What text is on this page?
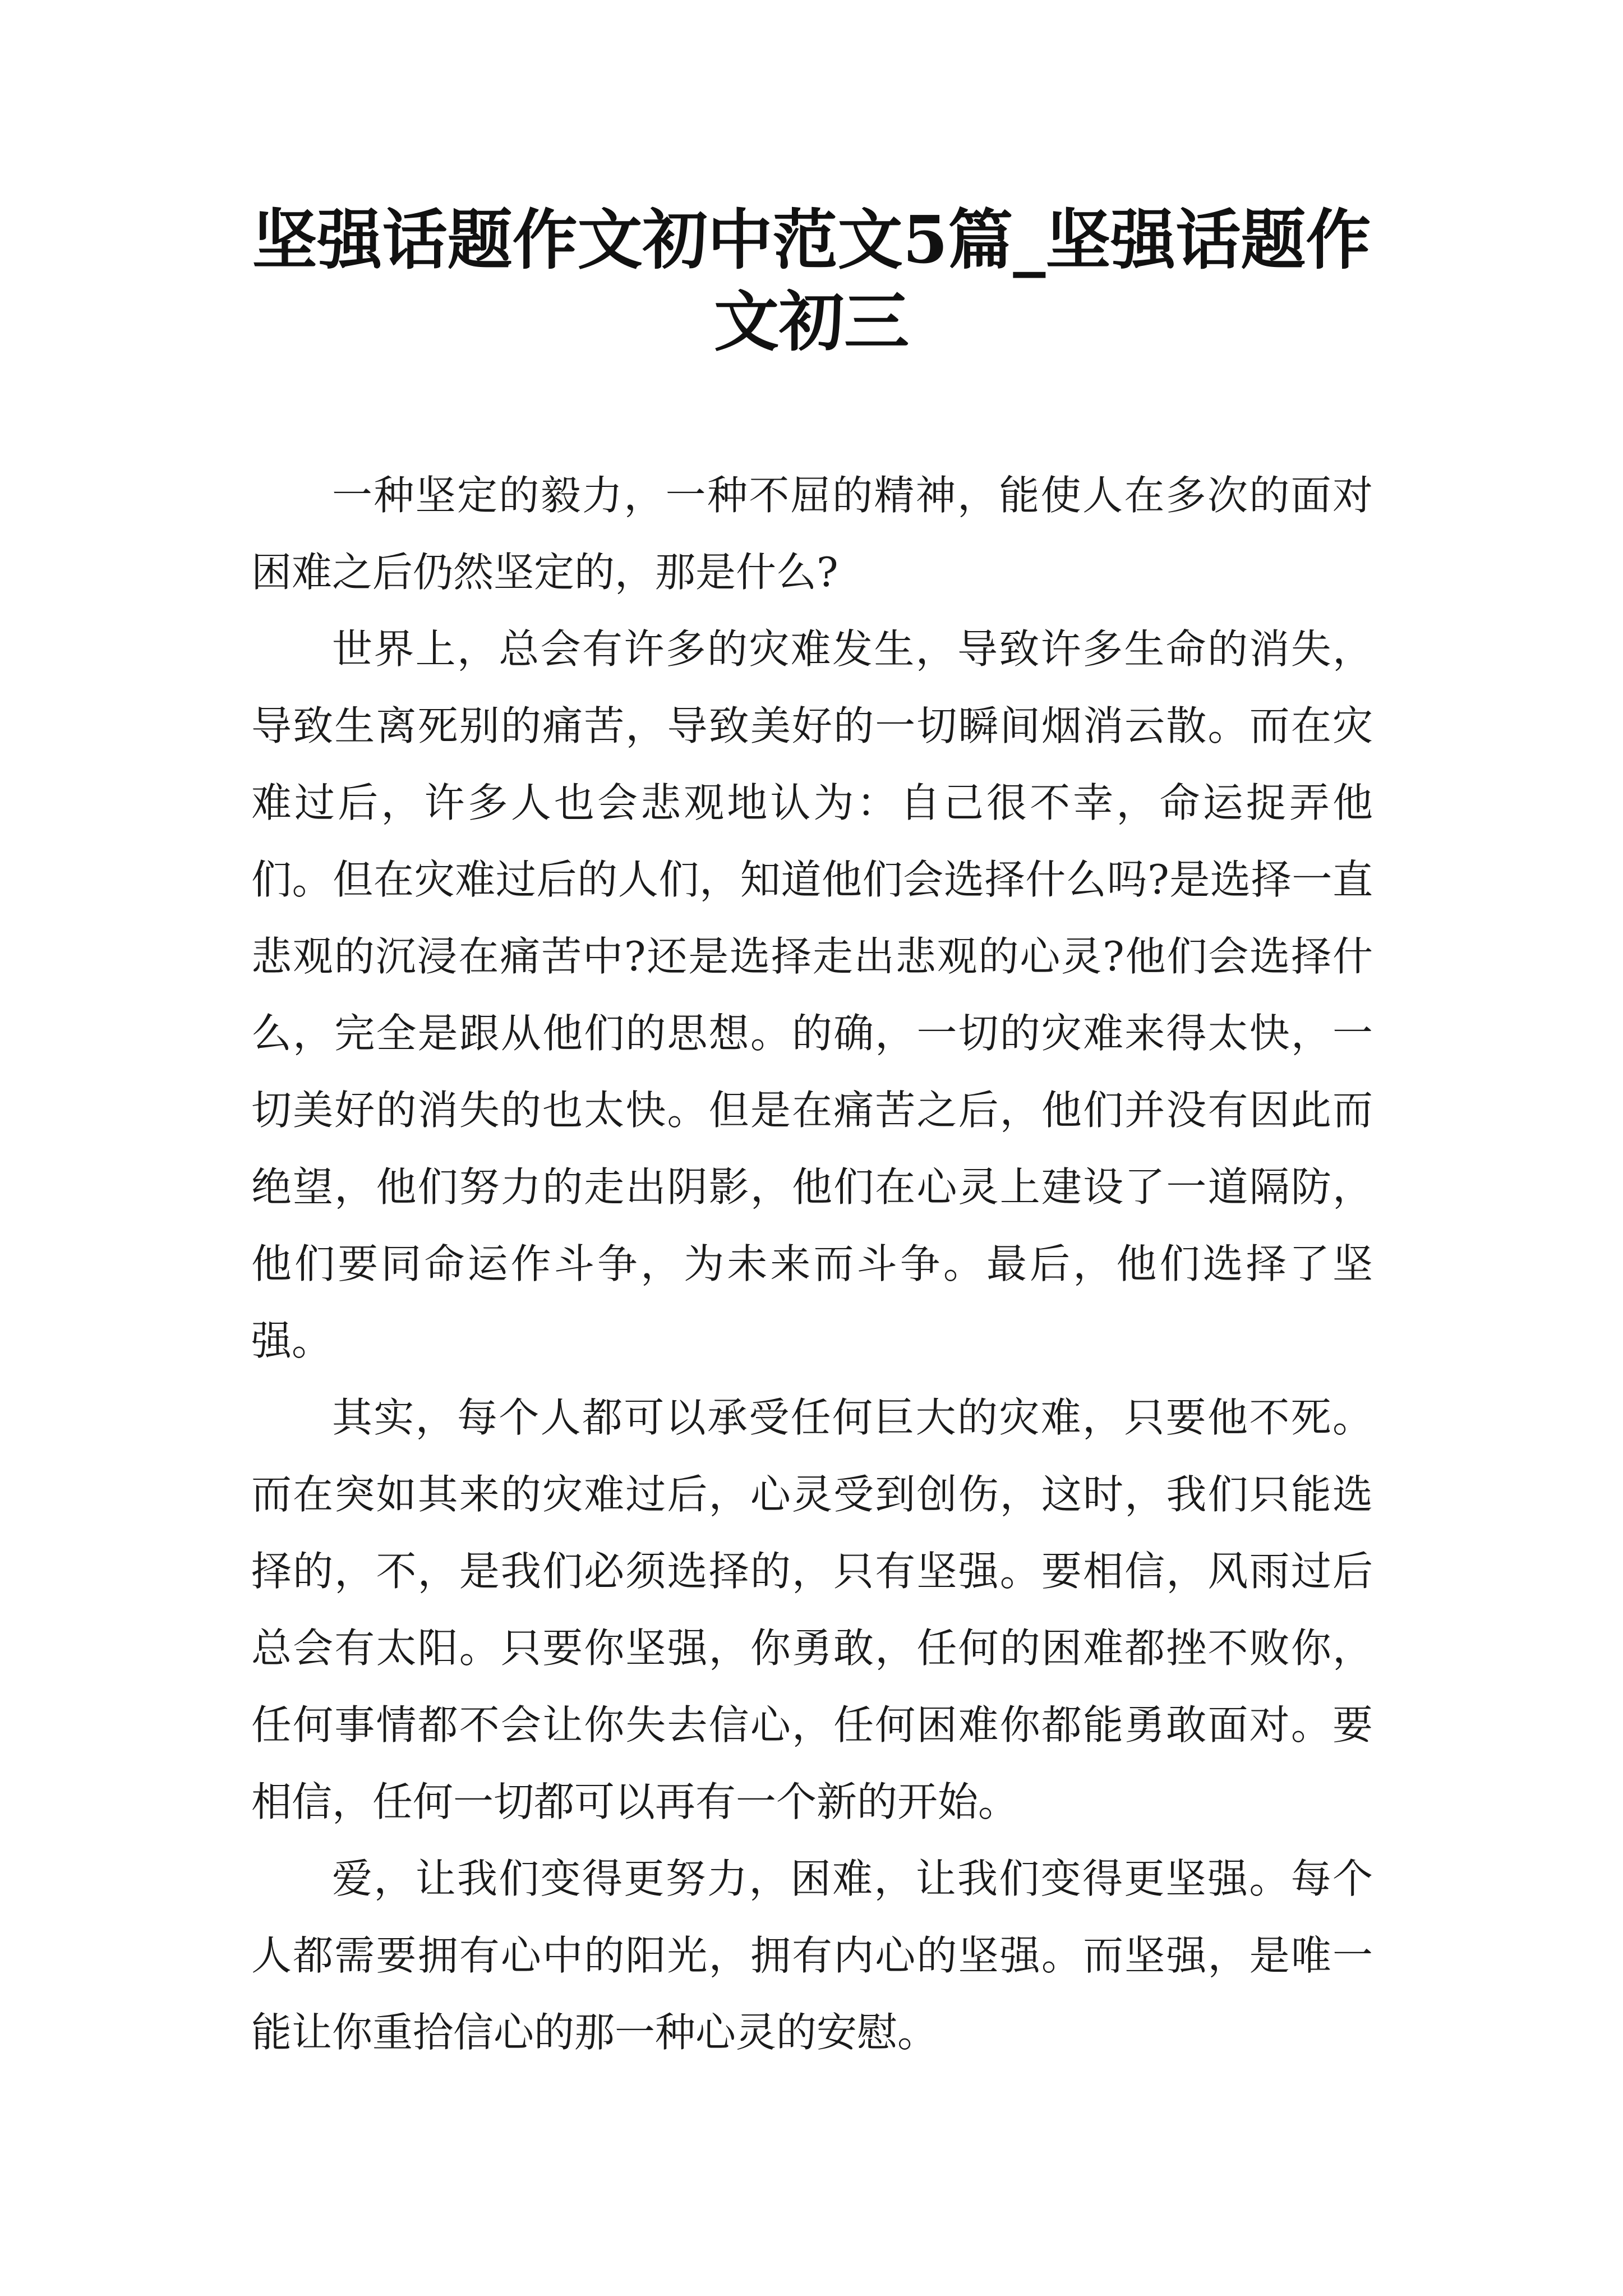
坚强话题作文初中范文5篇_坚强话题作文初三

一种坚定的毅力，一种不屈的精神，能使人在多次的面对困难之后仍然坚定的，那是什么?

世界上，总会有许多的灾难发生，导致许多生命的消失，导致生离死别的痛苦，导致美好的一切瞬间烟消云散。而在灾难过后，许多人也会悲观地认为：自己很不幸，命运捉弄他们。但在灾难过后的人们，知道他们会选择什么吗?是选择一直悲观的沉浸在痛苦中?还是选择走出悲观的心灵?他们会选择什么，完全是跟从他们的思想。的确，一切的灾难来得太快，一切美好的消失的也太快。但是在痛苦之后，他们并没有因此而绝望，他们努力的走出阴影，他们在心灵上建设了一道隔防，他们要同命运作斗争，为未来而斗争。最后，他们选择了坚强。

其实，每个人都可以承受任何巨大的灾难，只要他不死。而在突如其来的灾难过后，心灵受到创伤，这时，我们只能选择的，不，是我们必须选择的，只有坚强。要相信，风雨过后总会有太阳。只要你坚强，你勇敢，任何的困难都挫不败你，任何事情都不会让你失去信心，任何困难你都能勇敢面对。要相信，任何一切都可以再有一个新的开始。

爱，让我们变得更努力，困难，让我们变得更坚强。每个人都需要拥有心中的阳光，拥有内心的坚强。而坚强，是唯一能让你重拾信心的那一种心灵的安慰。
